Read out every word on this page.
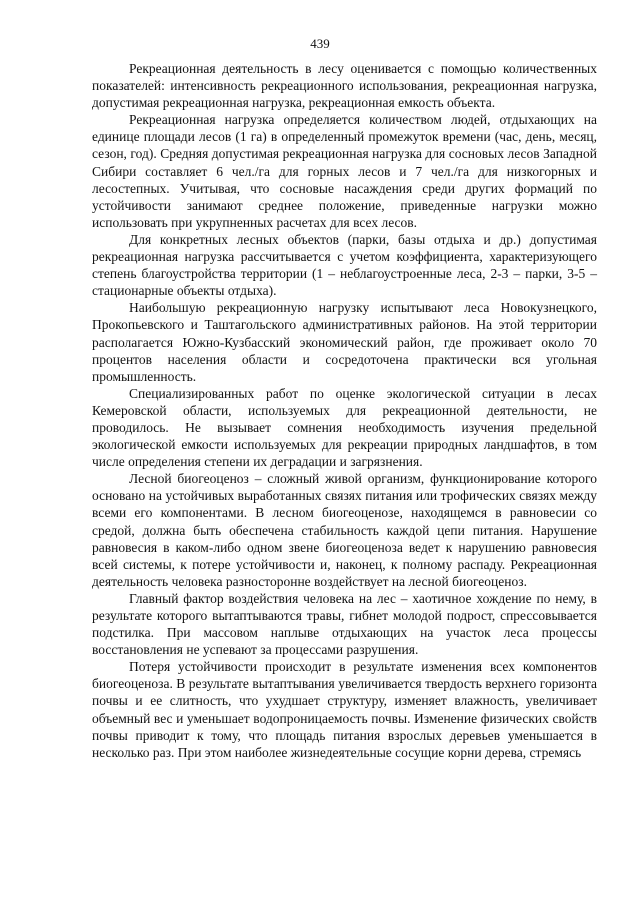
439

Рекреационная деятельность в лесу оценивается с помощью количественных показателей: интенсивность рекреационного использования, рекреационная нагрузка, допустимая рекреационная нагрузка, рекреационная емкость объекта.

Рекреационная нагрузка определяется количеством людей, отдыхающих на единице площади лесов (1 га) в определенный промежуток времени (час, день, месяц, сезон, год). Средняя допустимая рекреационная нагрузка для сосновых лесов Западной Сибири составляет 6 чел./га для горных лесов и 7 чел./га для низкогорных и лесостепных. Учитывая, что сосновые насаждения среди других формаций по устойчивости занимают среднее положение, приведенные нагрузки можно использовать при укрупненных расчетах для всех лесов.

Для конкретных лесных объектов (парки, базы отдыха и др.) допустимая рекреационная нагрузка рассчитывается с учетом коэффициента, характеризующего степень благоустройства территории (1 – неблагоустроенные леса, 2-3 – парки, 3-5 – стационарные объекты отдыха).

Наибольшую рекреационную нагрузку испытывают леса Новокузнецкого, Прокопьевского и Таштагольского административных районов. На этой территории располагается Южно-Кузбасский экономический район, где проживает около 70 процентов населения области и сосредоточена практически вся угольная промышленность.

Специализированных работ по оценке экологической ситуации в лесах Кемеровской области, используемых для рекреационной деятельности, не проводилось. Не вызывает сомнения необходимость изучения предельной экологической емкости используемых для рекреации природных ландшафтов, в том числе определения степени их деградации и загрязнения.

Лесной биогеоценоз – сложный живой организм, функционирование которого основано на устойчивых выработанных связях питания или трофических связях между всеми его компонентами. В лесном биогеоценозе, находящемся в равновесии со средой, должна быть обеспечена стабильность каждой цепи питания. Нарушение равновесия в каком-либо одном звене биогеоценоза ведет к нарушению равновесия всей системы, к потере устойчивости и, наконец, к полному распаду. Рекреационная деятельность человека разносторонне воздействует на лесной биогеоценоз.

Главный фактор воздействия человека на лес – хаотичное хождение по нему, в результате которого вытаптываются травы, гибнет молодой подрост, спрессовывается подстилка. При массовом наплыве отдыхающих на участок леса процессы восстановления не успевают за процессами разрушения.

Потеря устойчивости происходит в результате изменения всех компонентов биогеоценоза. В результате вытаптывания увеличивается твердость верхнего горизонта почвы и ее слитность, что ухудшает структуру, изменяет влажность, увеличивает объемный вес и уменьшает водопроницаемость почвы. Изменение физических свойств почвы приводит к тому, что площадь питания взрослых деревьев уменьшается в несколько раз. При этом наиболее жизнедеятельные сосущие корни дерева, стремясь
